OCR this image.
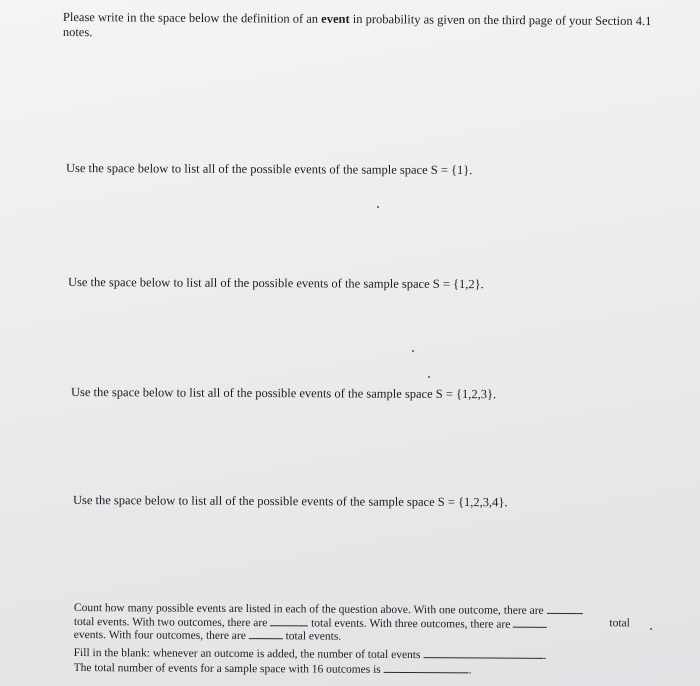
Please write in the space below the definition of an event in probability as given on the third page of your Section 4.1 notes.
Use the space below to list all of the possible events of the sample space S = {1}.
Use the space below to list all of the possible events of the sample space S = {1,2}.
Use the space below to list all of the possible events of the sample space S = {1,2,3}.
Use the space below to list all of the possible events of the sample space S = {1,2,3,4}.
Count how many possible events are listed in each of the question above. With one outcome, there are
total events. With two outcomes, there are	total events. With three outcomes, there are	total
events. With four outcomes, there are	total events.
Fill in the blank: whenever an outcome is added, the number of total events	.
The total number of events for a sample space with 16 outcomes is	.
